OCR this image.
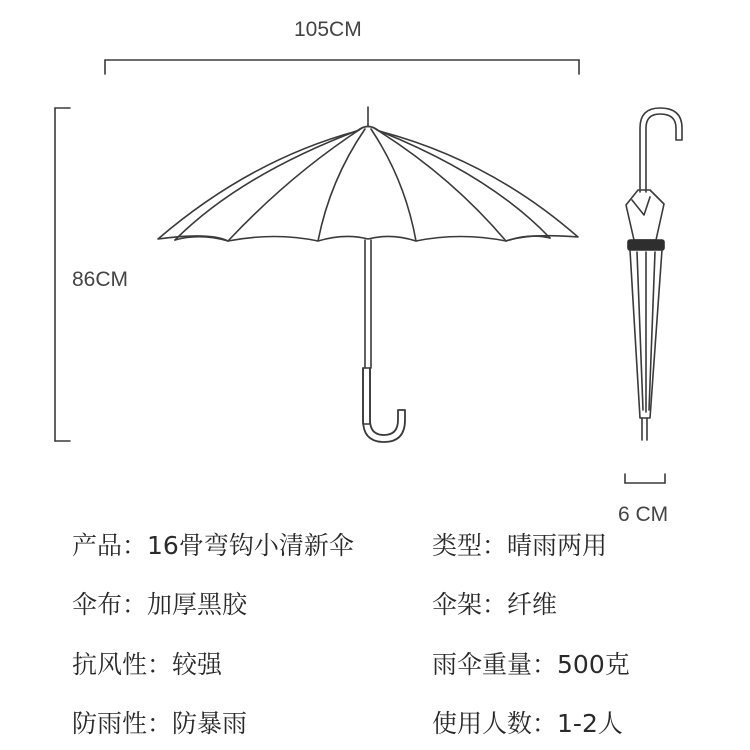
105CM
86CM
6 CM
产品：16骨弯钩小清新伞	类型：晴雨两用
伞布：加厚黑胶	伞架：纤维
抗风性：较强	雨伞重量：500克
防雨性：防暴雨	使用人数：1-2人
